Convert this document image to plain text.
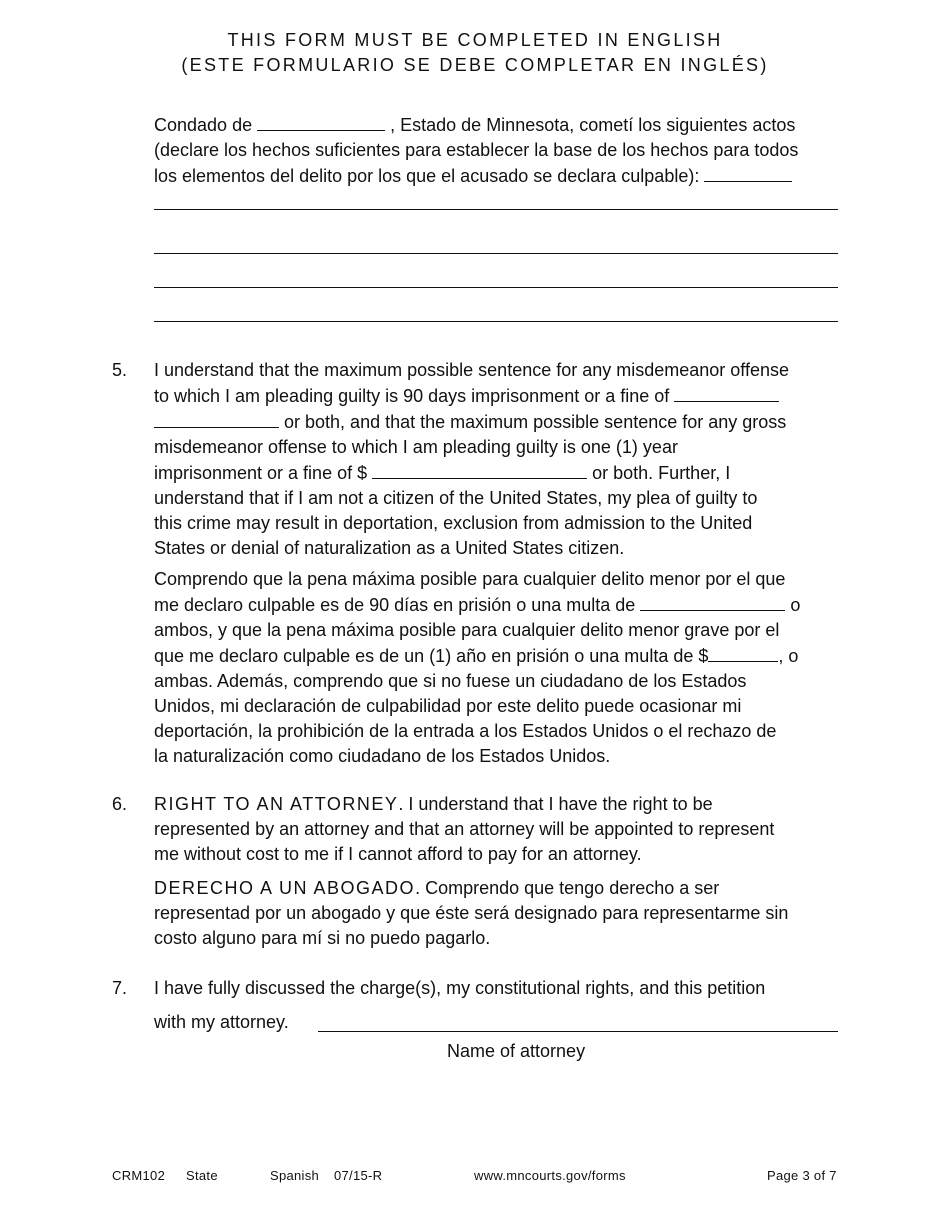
THIS FORM MUST BE COMPLETED IN ENGLISH
(ESTE FORMULARIO SE DEBE COMPLETAR EN INGLÉS)
Condado de	, Estado de Minnesota, cometí los siguientes actos
(declare los hechos suficientes para establecer la base de los hechos para todos
los elementos del delito por los que el acusado se declara culpable):
5. I understand that the maximum possible sentence for any misdemeanor offense
to which I am pleading guilty is 90 days imprisonment or a fine of
or both, and that the maximum possible sentence for any gross
misdemeanor offense to which I am pleading guilty is one (1) year
imprisonment or a fine of $	or both. Further, I
understand that if I am not a citizen of the United States, my plea of guilty to
this crime may result in deportation, exclusion from admission to the United
States or denial of naturalization as a United States citizen.
Comprendo que la pena máxima posible para cualquier delito menor por el que
me declaro culpable es de 90 días en prisión o una multa de	o
ambos, y que la pena máxima posible para cualquier delito menor grave por el
que me declaro culpable es de un (1) año en prisión o una multa de $	, o
ambas. Además, comprendo que si no fuese un ciudadano de los Estados
Unidos, mi declaración de culpabilidad por este delito puede ocasionar mi
deportación, la prohibición de la entrada a los Estados Unidos o el rechazo de
la naturalización como ciudadano de los Estados Unidos.
6. RIGHT TO AN ATTORNEY. I understand that I have the right to be
represented by an attorney and that an attorney will be appointed to represent
me without cost to me if I cannot afford to pay for an attorney.
DERECHO A UN ABOGADO. Comprendo que tengo derecho a ser
representad por un abogado y que éste será designado para representarme sin
costo alguno para mí si no puedo pagarlo.
7. I have fully discussed the charge(s), my constitutional rights, and this petition
with my attorney.
Name of attorney
CRM102 State	Spanish 07/15-R	www.mncourts.gov/forms	Page 3 of 7
